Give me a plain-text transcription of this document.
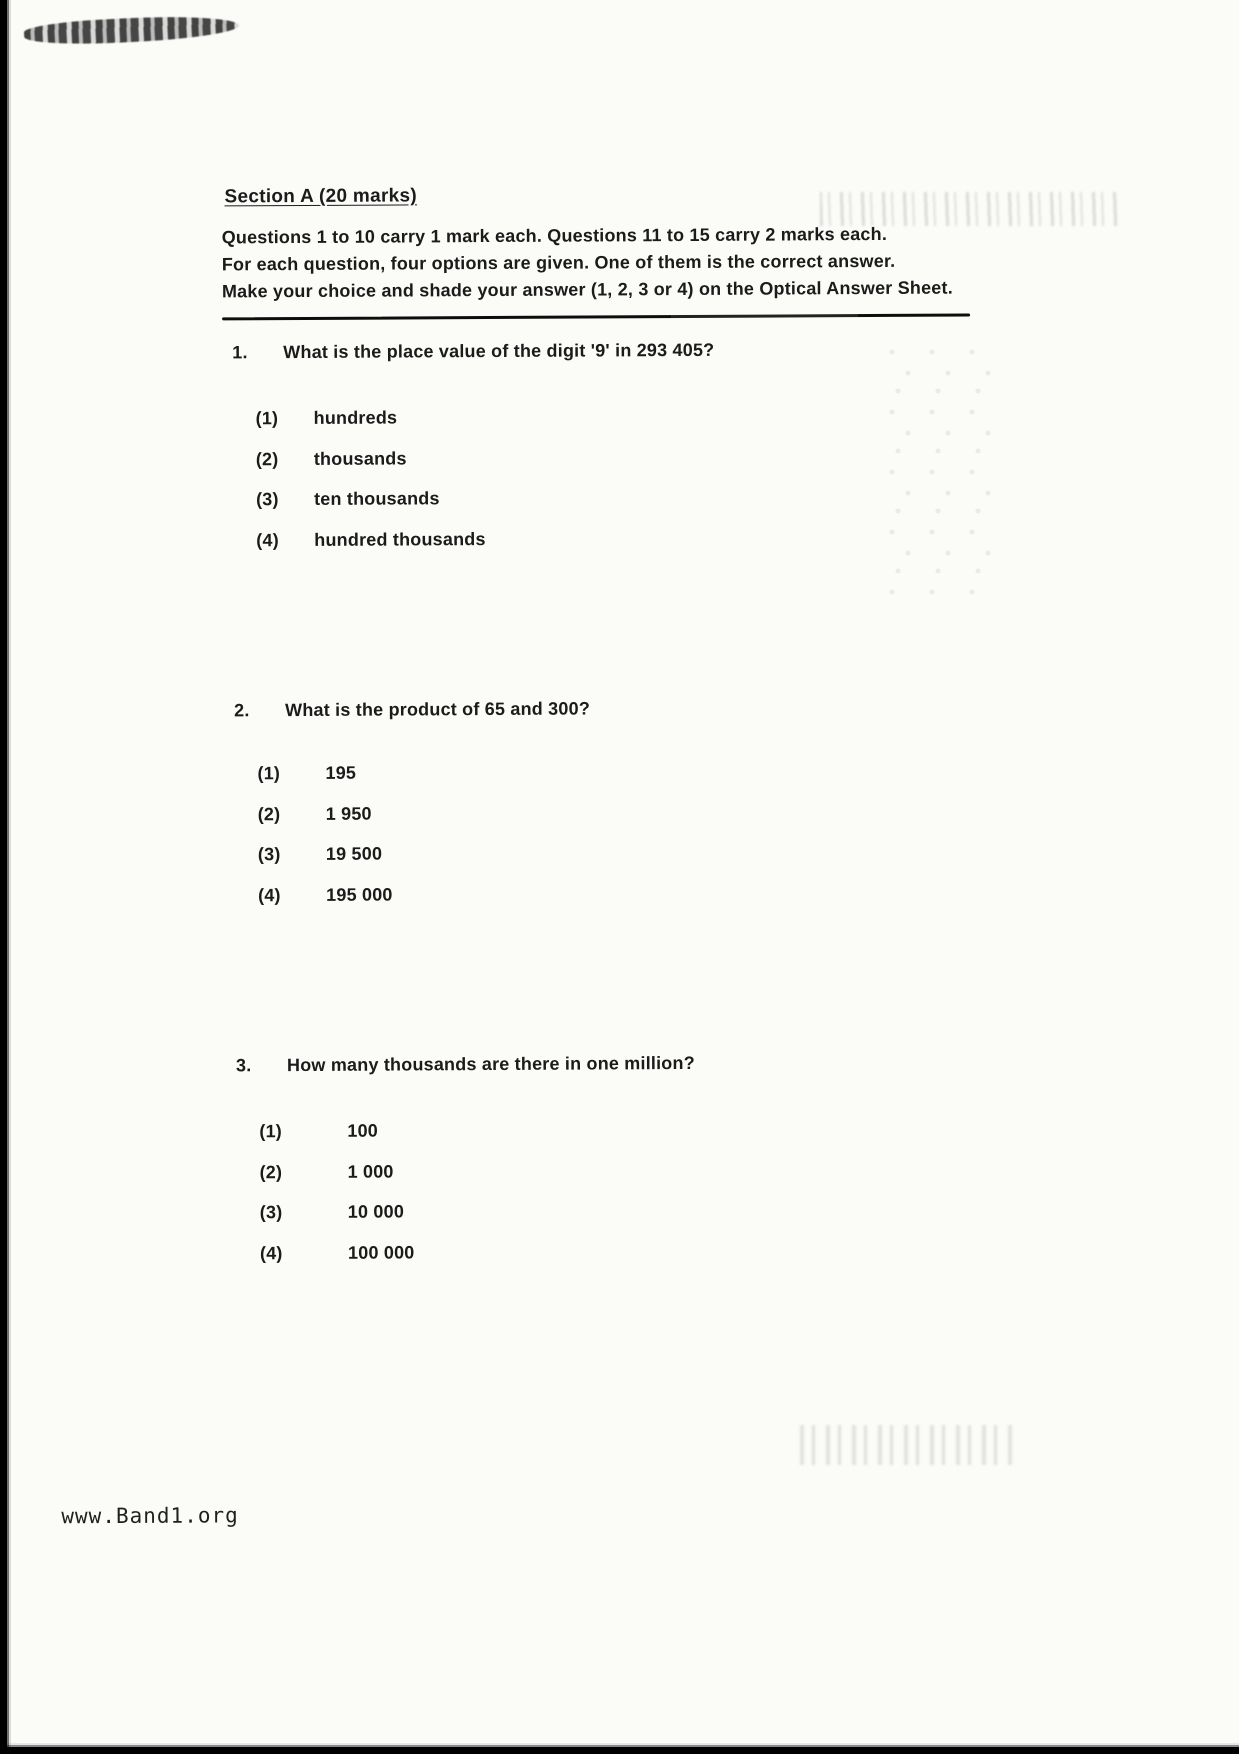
Section A (20 marks)
Questions 1 to 10 carry 1 mark each. Questions 11 to 15 carry 2 marks each.
For each question, four options are given. One of them is the correct answer.
Make your choice and shade your answer (1, 2, 3 or 4) on the Optical Answer Sheet.
1.	What is the place value of the digit '9' in 293 405?
(1)	hundreds
(2)	thousands
(3)	ten thousands
(4)	hundred thousands
2.	What is the product of 65 and 300?
(1)	195
(2)	1 950
(3)	19 500
(4)	195 000
3.	How many thousands are there in one million?
(1)	100
(2)	1 000
(3)	10 000
(4)	100 000
www.Band1.org
